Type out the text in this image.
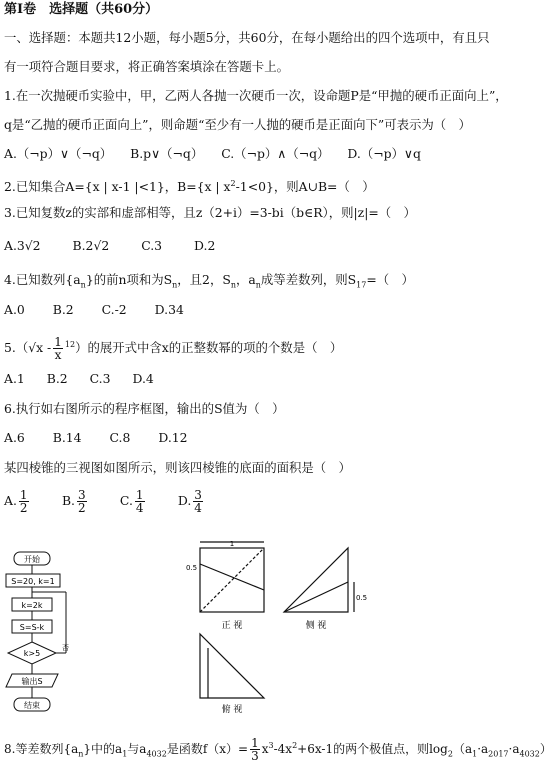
第Ⅰ卷　选择题（共60分）
一、选择题：本题共12小题，每小题5分，共60分，在每小题给出的四个选项中，有且只
有一项符合题目要求，将正确答案填涂在答题卡上。
1.在一次抛硬币实验中，甲，乙两人各抛一次硬币一次，设命题P是“甲抛的硬币正面向上”，
q是“乙抛的硬币正面向上”，则命题“至少有一人抛的硬币是正面向下”可表示为（　）
A.（¬p）∨（¬q） B.p∨（¬q） C.（¬p）∧（¬q） D.（¬p）∨q
2.已知集合A={x | x-1 |<1}，B={x | $x^2-1<0$}，则A∪B=（　）
3.已知复数z的实部和虚部相等，且z（2+i）=3-bi（b∈R），则|z|=（　）
A.3√2	B.2√2	C.3	D.2
4.已知数列$\{a_n\}$的前n项和为$S_n$，且2，$S_n$，$a_n$成等差数列，则$S_{17}=$（　）
A.0 B.2 C.-2 D.34
$5.(√x - \frac{1}{x} ^{12})$的展开式中含x的正整数幂的项的个数是（　）
A.1 B.2 C.3 D.4
6.执行如右图所示的程序框图，输出的S值为（　）
A.6 B.14 C.8 D.12
某四棱锥的三视图如图所示，则该四棱锥的底面的面积是（　）
A. $\frac{1}{2}$	B. $\frac{3}{2}$	C. $\frac{1}{4}$	D. $\frac{3}{4}$
开始
S=20, k=1
k=2k
S=S-k
k>5
否
输出S
结束
正 视	侧 视
俯 视
0.5
1
0.5
8.等差数列$\{a_n\}$中的$a_1$与$a_{4032}$是函数$f(x)= \frac{1}{3} x^3-4x^2+6x-1$的两个极值点，则$\log_2(a_1\cdot a_{2017}\cdot a_{4032})$
